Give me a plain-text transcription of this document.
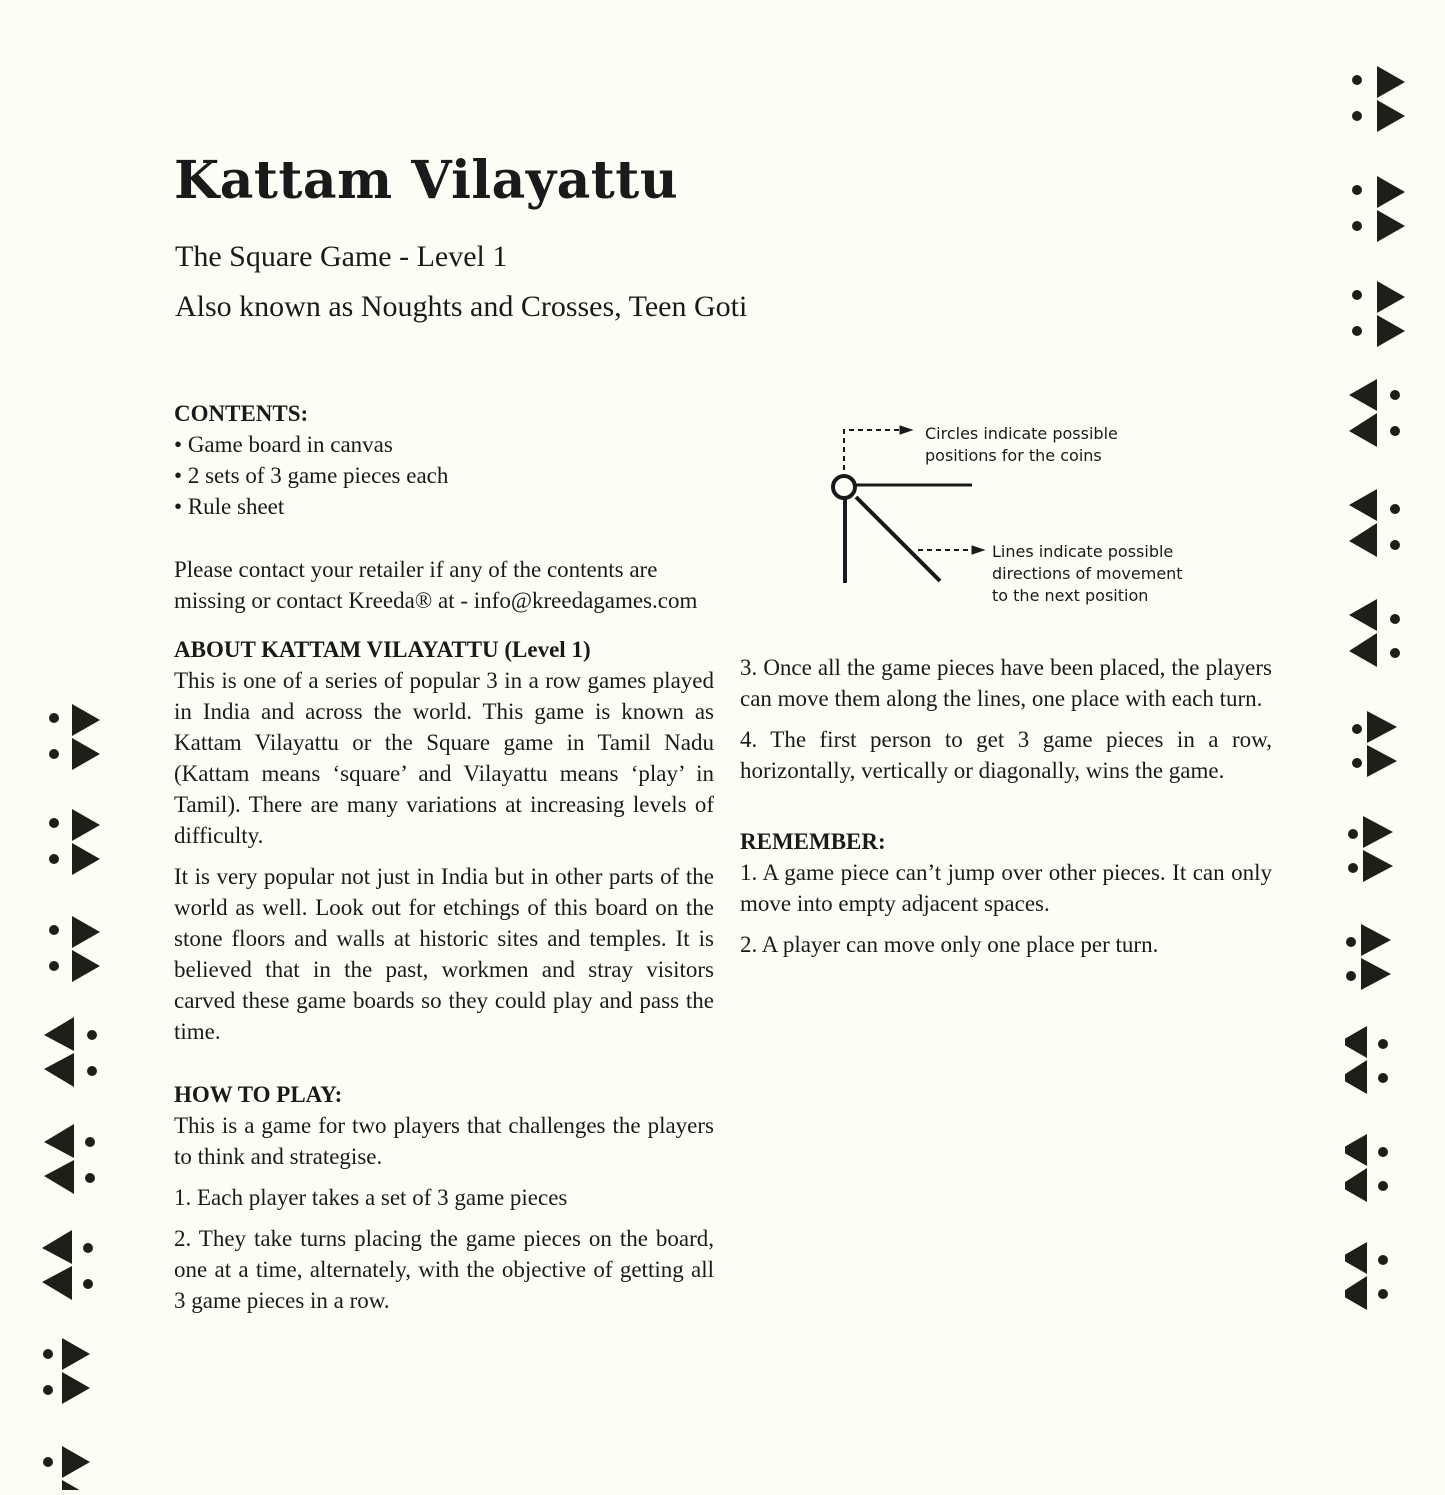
Kattam Vilayattu

The Square Game - Level 1

Also known as Noughts and Crosses, Teen Goti

CONTENTS:
• Game board in canvas
• 2 sets of 3 game pieces each
• Rule sheet

Please contact your retailer if any of the contents are missing or contact Kreeda® at - info@kreedagames.com

ABOUT KATTAM VILAYATTU (Level 1)

This is one of a series of popular 3 in a row games played in India and across the world. This game is known as Kattam Vilayattu or the Square game in Tamil Nadu (Kattam means ‘square’ and Vilayattu means ‘play’ in Tamil). There are many variations at increasing levels of difficulty.

It is very popular not just in India but in other parts of the world as well. Look out for etchings of this board on the stone floors and walls at historic sites and temples. It is believed that in the past, workmen and stray visitors carved these game boards so they could play and pass the time.

HOW TO PLAY:

This is a game for two players that challenges the players to think and strategise.

1. Each player takes a set of 3 game pieces

2. They take turns placing the game pieces on the board, one at a time, alternately, with the objective of getting all 3 game pieces in a row.

Circles indicate possible
positions for the coins
Lines indicate possible
directions of movement
to the next position

3. Once all the game pieces have been placed, the players can move them along the lines, one place with each turn.

4. The first person to get 3 game pieces in a row, horizontally, vertically or diagonally, wins the game.

REMEMBER:

1. A game piece can’t jump over other pieces. It can only move into empty adjacent spaces.

2. A player can move only one place per turn.
